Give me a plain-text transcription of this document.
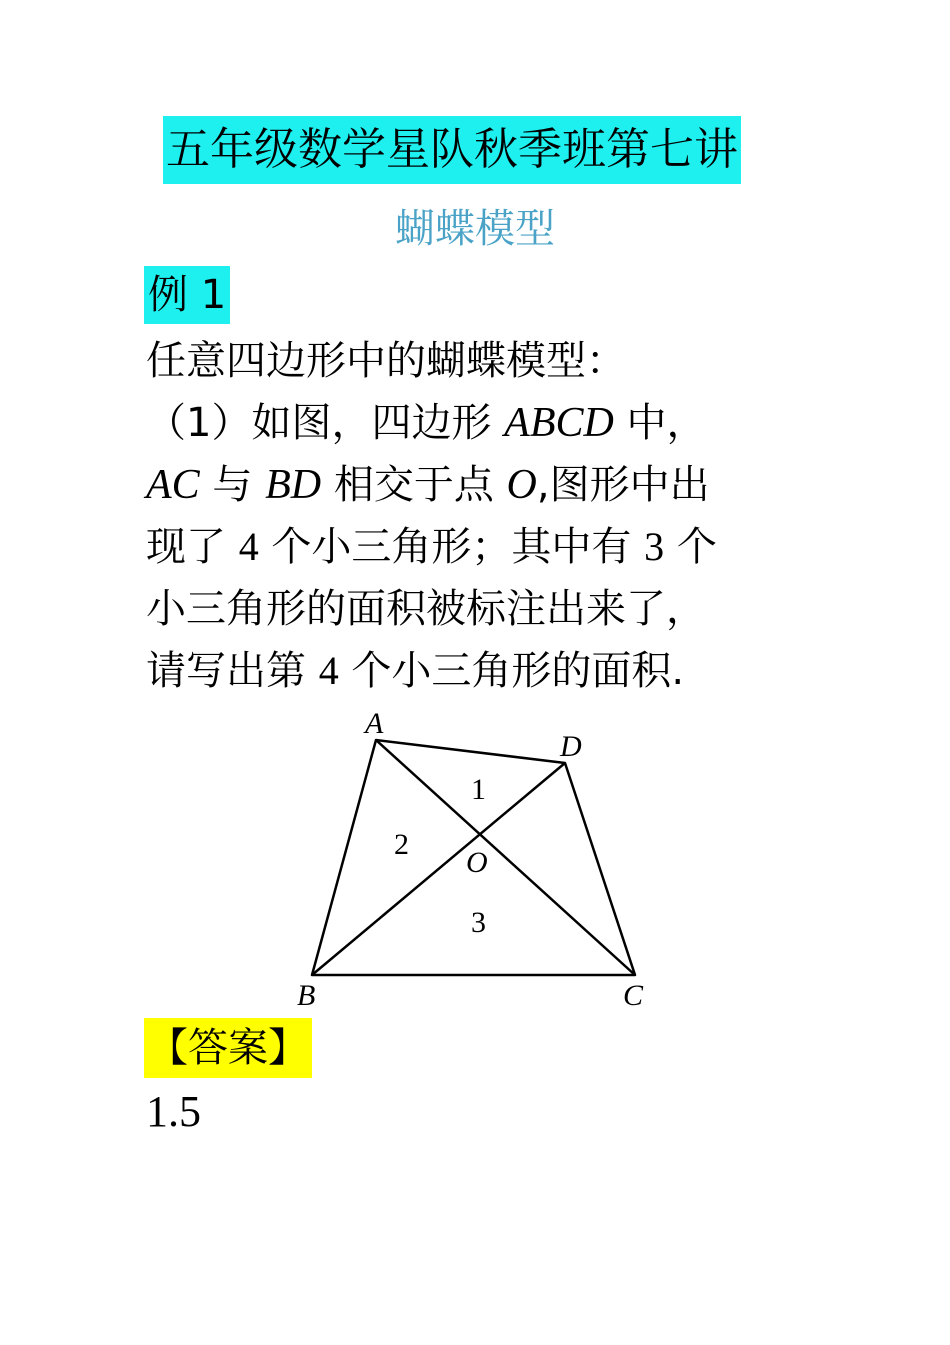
五年级数学星队秋季班第七讲
蝴蝶模型
例 1
任意四边形中的蝴蝶模型：
（1）如图，四边形 ABCD 中，
AC 与 BD 相交于点 O,图形中出
现了 4 个小三角形；其中有 3 个
小三角形的面积被标注出来了，
请写出第 4 个小三角形的面积.
A
D
O
B	C
1
2
3
【答案】
1.5
